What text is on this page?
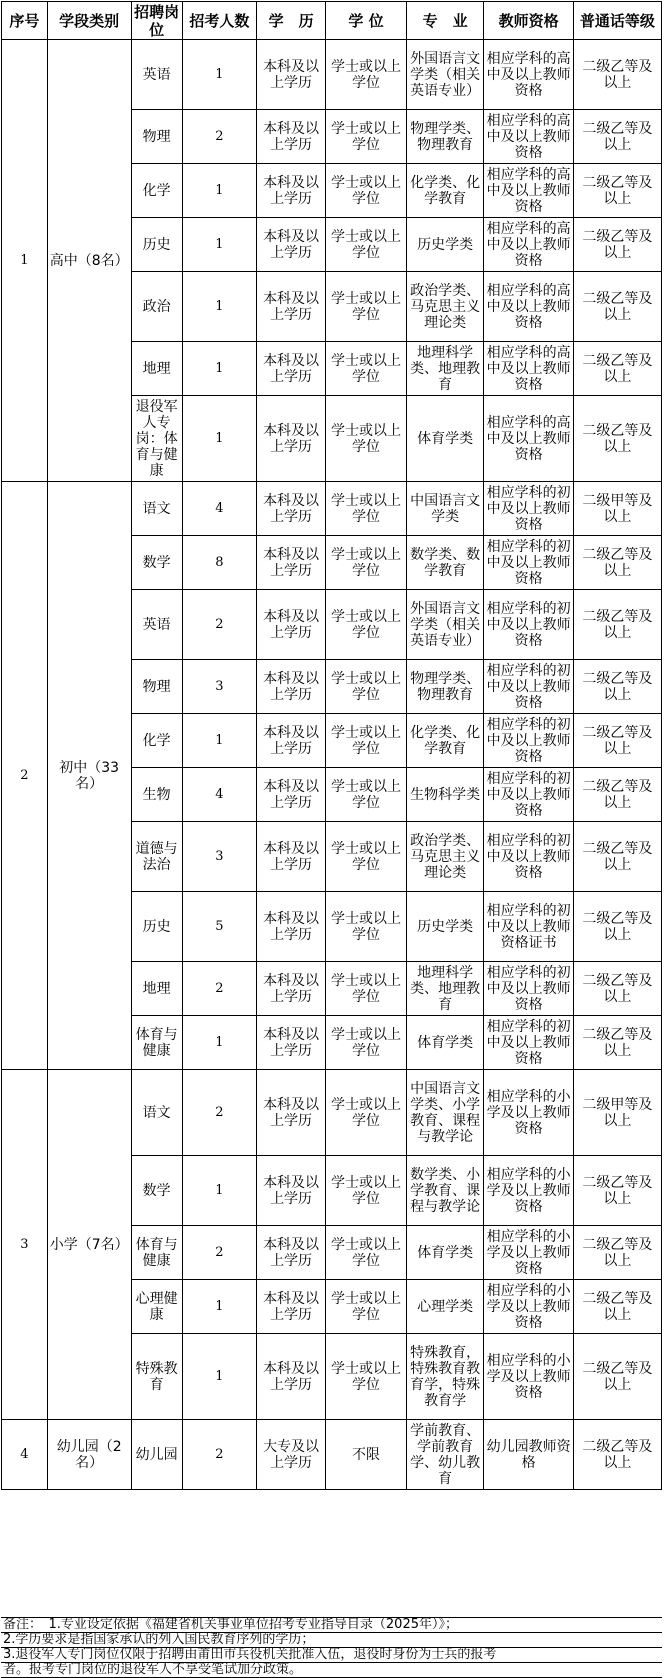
序号	学段类别	招聘岗位	招考人数	学　历	学 位	专　业	教师资格	普通话等级
1	高中（8名）	英语	1	本科及以上学历	学士或以上学位	外国语言文学类（相关英语专业）	相应学科的高中及以上教师资格	二级乙等及以上
		物理	2	本科及以上学历	学士或以上学位	物理学类、物理教育	相应学科的高中及以上教师资格	二级乙等及以上
		化学	1	本科及以上学历	学士或以上学位	化学类、化学教育	相应学科的高中及以上教师资格	二级乙等及以上
		历史	1	本科及以上学历	学士或以上学位	历史学类	相应学科的高中及以上教师资格	二级乙等及以上
		政治	1	本科及以上学历	学士或以上学位	政治学类、马克思主义理论类	相应学科的高中及以上教师资格	二级乙等及以上
		地理	1	本科及以上学历	学士或以上学位	地理科学类、地理教育	相应学科的高中及以上教师资格	二级乙等及以上
		退役军人专岗：体育与健康	1	本科及以上学历	学士或以上学位	体育学类	相应学科的高中及以上教师资格	二级乙等及以上
2	初中（33名）	语文	4	本科及以上学历	学士或以上学位	中国语言文学类	相应学科的初中及以上教师资格	二级甲等及以上
		数学	8	本科及以上学历	学士或以上学位	数学类、数学教育	相应学科的初中及以上教师资格	二级乙等及以上
		英语	2	本科及以上学历	学士或以上学位	外国语言文学类（相关英语专业）	相应学科的初中及以上教师资格	二级乙等及以上
		物理	3	本科及以上学历	学士或以上学位	物理学类、物理教育	相应学科的初中及以上教师资格	二级乙等及以上
		化学	1	本科及以上学历	学士或以上学位	化学类、化学教育	相应学科的初中及以上教师资格	二级乙等及以上
		生物	4	本科及以上学历	学士或以上学位	生物科学类	相应学科的初中及以上教师资格	二级乙等及以上
		道德与法治	3	本科及以上学历	学士或以上学位	政治学类、马克思主义理论类	相应学科的初中及以上教师资格	二级乙等及以上
		历史	5	本科及以上学历	学士或以上学位	历史学类	相应学科的初中及以上教师资格证书	二级乙等及以上
		地理	2	本科及以上学历	学士或以上学位	地理科学类、地理教育	相应学科的初中及以上教师资格	二级乙等及以上
		体育与健康	1	本科及以上学历	学士或以上学位	体育学类	相应学科的初中及以上教师资格	二级乙等及以上
3	小学（7名）	语文	2	本科及以上学历	学士或以上学位	中国语言文学类、小学教育、课程与教学论	相应学科的小学及以上教师资格	二级甲等及以上
		数学	1	本科及以上学历	学士或以上学位	数学类、小学教育、课程与教学论	相应学科的小学及以上教师资格	二级乙等及以上
		体育与健康	2	本科及以上学历	学士或以上学位	体育学类	相应学科的小学及以上教师资格	二级乙等及以上
		心理健康	1	本科及以上学历	学士或以上学位	心理学类	相应学科的小学及以上教师资格	二级乙等及以上
		特殊教育	1	本科及以上学历	学士或以上学位	特殊教育，特殊教育教育学，特殊教育学	相应学科的小学及以上教师资格	二级乙等及以上
4	幼儿园（2名）	幼儿园	2	大专及以上学历	不限	学前教育、学前教育学、幼儿教育	幼儿园教师资格	二级乙等及以上
备注：　1.专业设定依据《福建省机关事业单位招考专业指导目录（2025年）》；
2.学历要求是指国家承认的列入国民教育序列的学历；
3.退役军人专门岗位仅限于招聘由莆田市兵役机关批准入伍，退役时身份为士兵的报考
者。报考专门岗位的退役军人不享受笔试加分政策。
